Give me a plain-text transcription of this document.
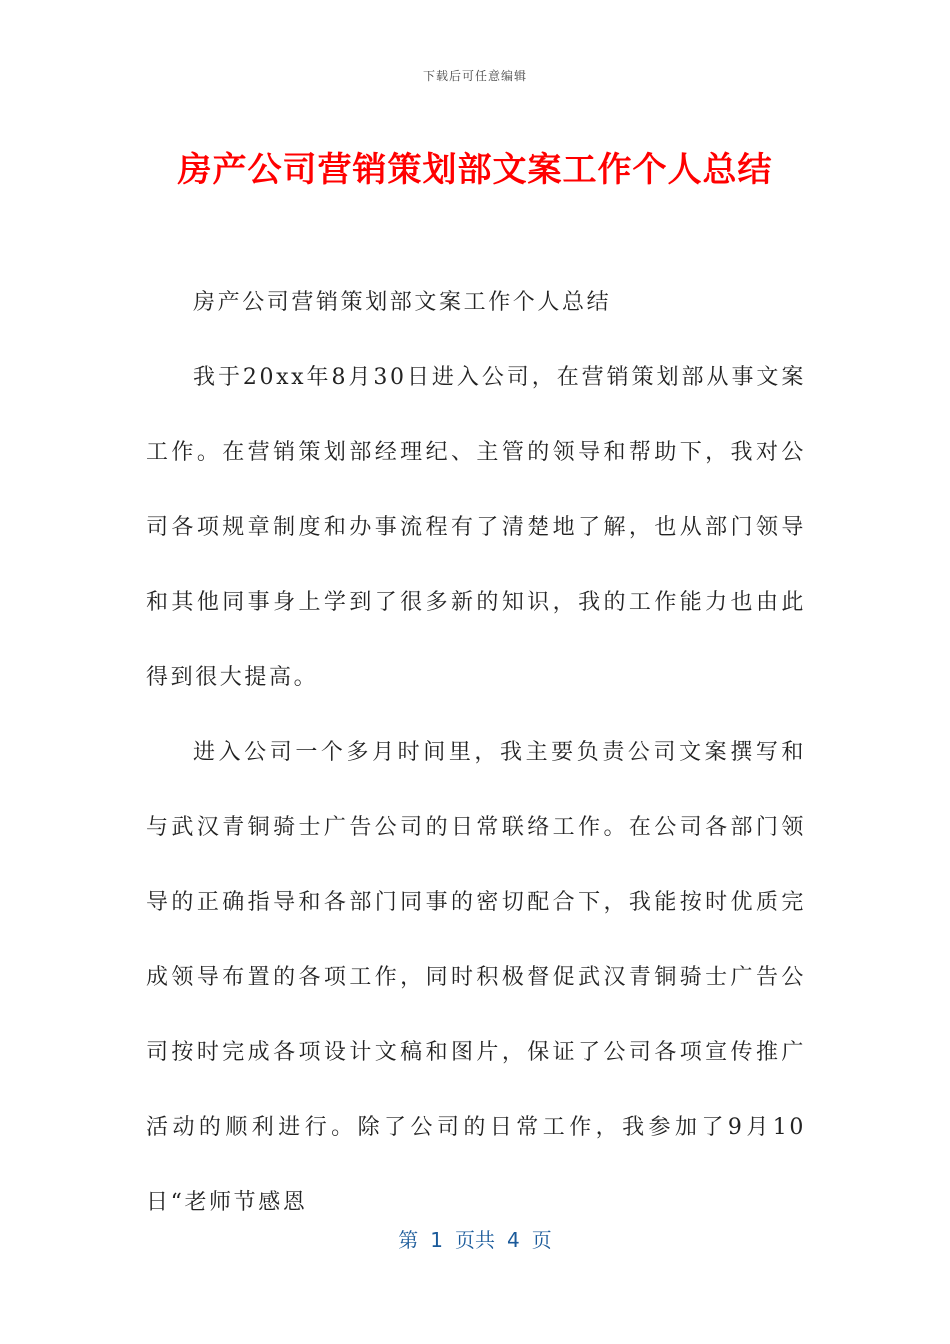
下载后可任意编辑
房产公司营销策划部文案工作个人总结

房产公司营销策划部文案工作个人总结

我于20xx年8月30日进入公司，在营销策划部从事文案工作。在营销策划部经理纪、主管的领导和帮助下，我对公司各项规章制度和办事流程有了清楚地了解，也从部门领导和其他同事身上学到了很多新的知识，我的工作能力也由此得到很大提高。

进入公司一个多月时间里，我主要负责公司文案撰写和与武汉青铜骑士广告公司的日常联络工作。在公司各部门领导的正确指导和各部门同事的密切配合下，我能按时优质完成领导布置的各项工作，同时积极督促武汉青铜骑士广告公司按时完成各项设计文稿和图片，保证了公司各项宣传推广活动的顺利进行。除了公司的日常工作，我参加了9月10日“老师节感恩

第 1 页共 4 页
